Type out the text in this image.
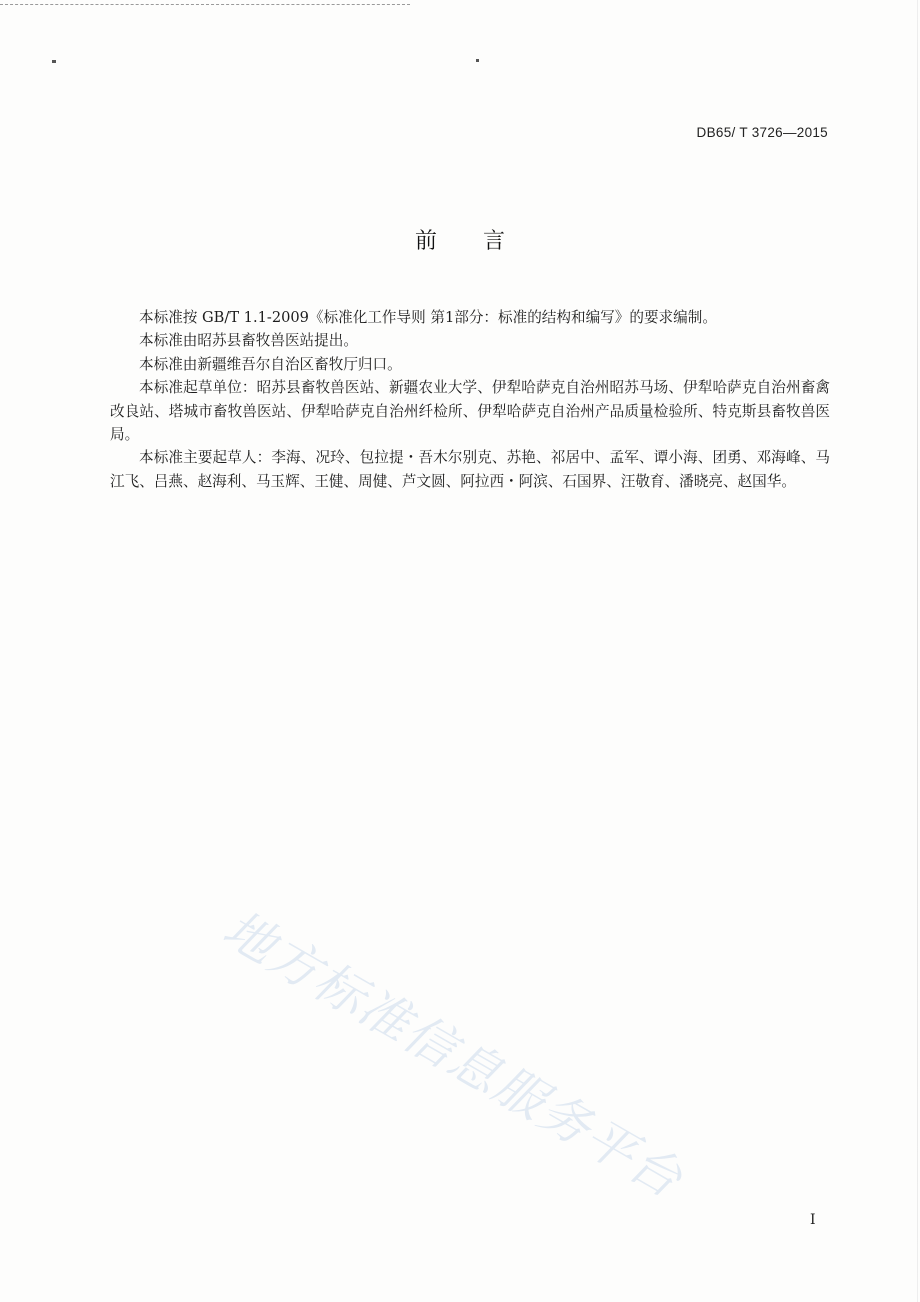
DB65/ T 3726—2015
前言

本标准按 GB/T 1.1-2009《标准化工作导则 第1部分：标准的结构和编写》的要求编制。

本标准由昭苏县畜牧兽医站提出。

本标准由新疆维吾尔自治区畜牧厅归口。

本标准起草单位：昭苏县畜牧兽医站、新疆农业大学、伊犁哈萨克自治州昭苏马场、伊犁哈萨克自治州畜禽改良站、塔城市畜牧兽医站、伊犁哈萨克自治州纤检所、伊犁哈萨克自治州产品质量检验所、特克斯县畜牧兽医局。

本标准主要起草人：李海、况玲、包拉提・吾木尔别克、苏艳、祁居中、孟军、谭小海、团勇、邓海峰、马江飞、吕燕、赵海利、马玉辉、王健、周健、芦文圆、阿拉西・阿滨、石国界、汪敬育、潘晓亮、赵国华。

地方标准信息服务平台
I
